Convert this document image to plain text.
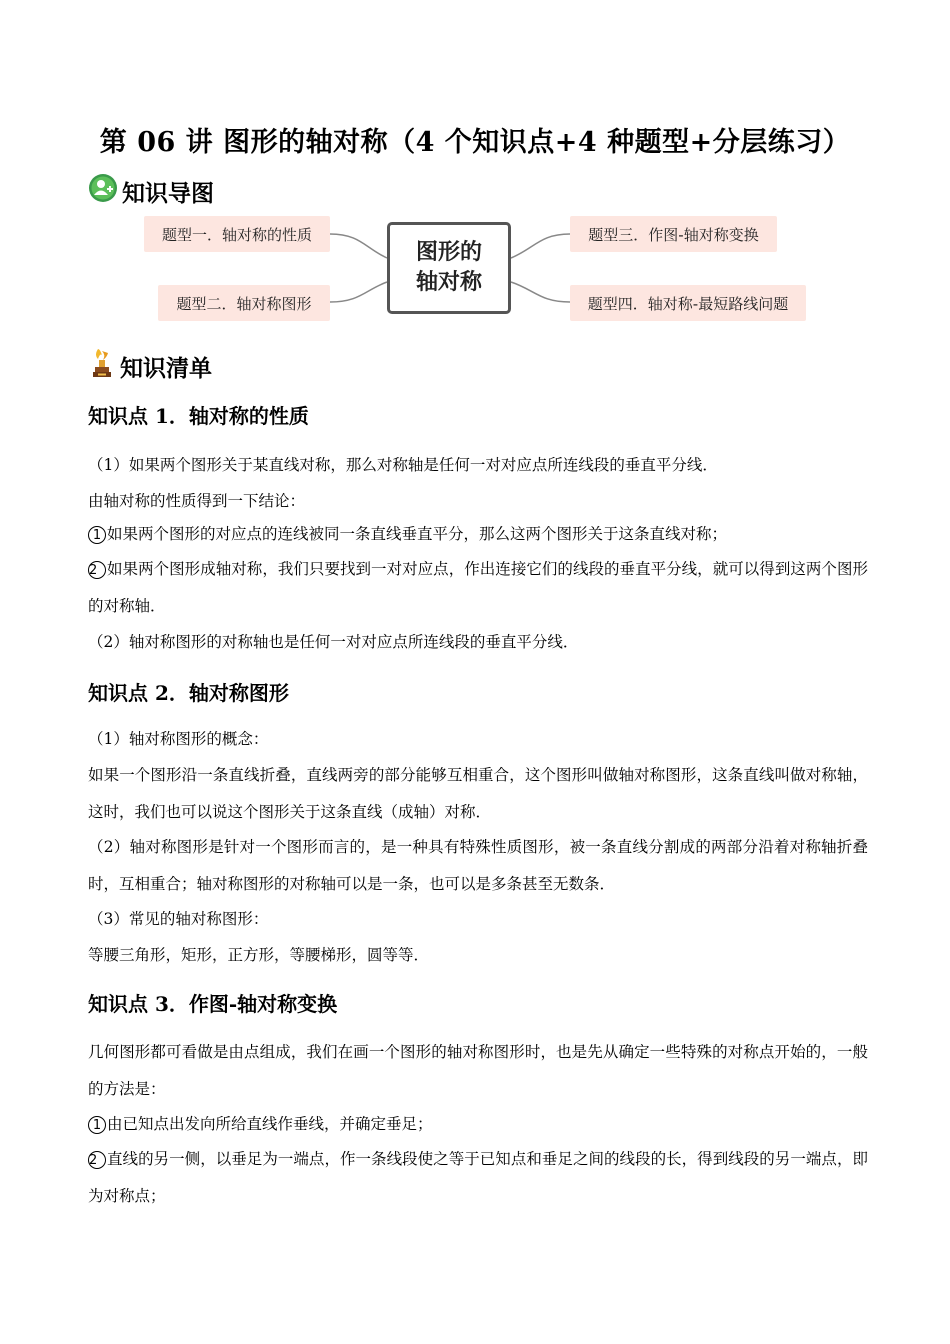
第 06 讲 图形的轴对称（4 个知识点+4 种题型+分层练习）
知识导图
题型一．轴对称的性质
题型二．轴对称图形
题型三．作图-轴对称变换
题型四．轴对称-最短路线问题
图形的轴对称
知识清单
知识点 1．轴对称的性质
（1）如果两个图形关于某直线对称，那么对称轴是任何一对对应点所连线段的垂直平分线．
由轴对称的性质得到一下结论：
1 如果两个图形的对应点的连线被同一条直线垂直平分，那么这两个图形关于这条直线对称；
2 如果两个图形成轴对称，我们只要找到一对对应点，作出连接它们的线段的垂直平分线，就可以得到这两个图形的对称轴．
（2）轴对称图形的对称轴也是任何一对对应点所连线段的垂直平分线．
知识点 2．轴对称图形
（1）轴对称图形的概念：
如果一个图形沿一条直线折叠，直线两旁的部分能够互相重合，这个图形叫做轴对称图形，这条直线叫做对称轴，这时，我们也可以说这个图形关于这条直线（成轴）对称．
（2）轴对称图形是针对一个图形而言的，是一种具有特殊性质图形，被一条直线分割成的两部分沿着对称轴折叠时，互相重合；轴对称图形的对称轴可以是一条，也可以是多条甚至无数条．
（3）常见的轴对称图形：
等腰三角形，矩形，正方形，等腰梯形，圆等等．
知识点 3．作图-轴对称变换
几何图形都可看做是由点组成，我们在画一个图形的轴对称图形时，也是先从确定一些特殊的对称点开始的，一般的方法是：
1 由已知点出发向所给直线作垂线，并确定垂足；
2 直线的另一侧，以垂足为一端点，作一条线段使之等于已知点和垂足之间的线段的长，得到线段的另一端点，即为对称点；
